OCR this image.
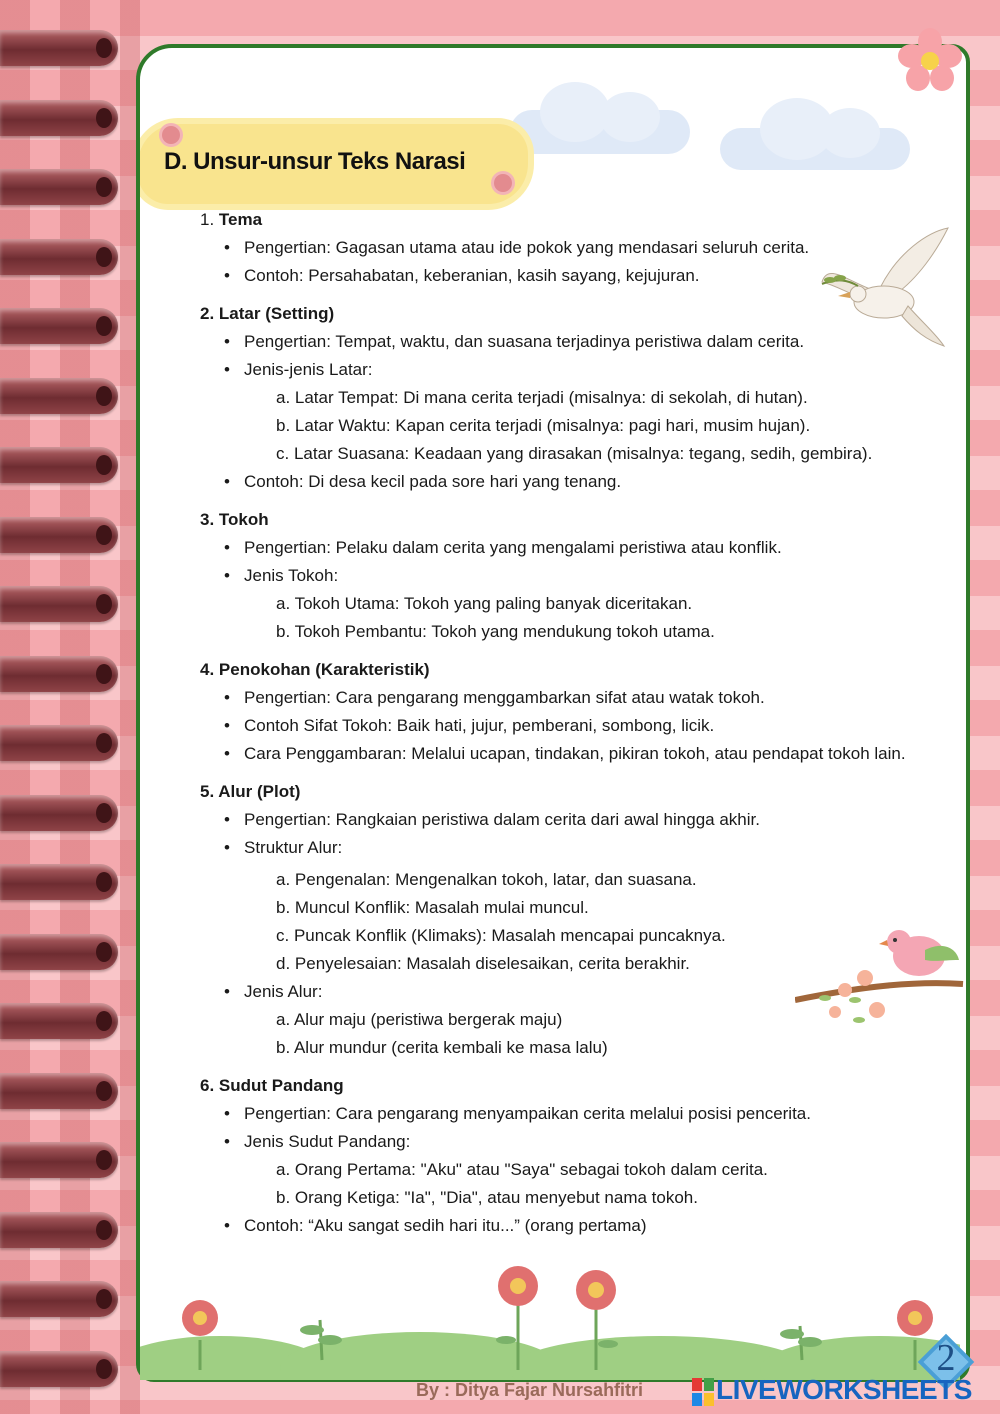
D. Unsur-unsur Teks Narasi
1. Tema
• Pengertian: Gagasan utama atau ide pokok yang mendasari seluruh cerita.
• Contoh: Persahabatan, keberanian, kasih sayang, kejujuran.
2. Latar (Setting)
• Pengertian: Tempat, waktu, dan suasana terjadinya peristiwa dalam cerita.
• Jenis-jenis Latar:
a. Latar Tempat: Di mana cerita terjadi (misalnya: di sekolah, di hutan).
b. Latar Waktu: Kapan cerita terjadi (misalnya: pagi hari, musim hujan).
c. Latar Suasana: Keadaan yang dirasakan (misalnya: tegang, sedih, gembira).
• Contoh: Di desa kecil pada sore hari yang tenang.
3. Tokoh
• Pengertian: Pelaku dalam cerita yang mengalami peristiwa atau konflik.
• Jenis Tokoh:
a. Tokoh Utama: Tokoh yang paling banyak diceritakan.
b. Tokoh Pembantu: Tokoh yang mendukung tokoh utama.
4. Penokohan (Karakteristik)
• Pengertian: Cara pengarang menggambarkan sifat atau watak tokoh.
• Contoh Sifat Tokoh: Baik hati, jujur, pemberani, sombong, licik.
• Cara Penggambaran: Melalui ucapan, tindakan, pikiran tokoh, atau pendapat tokoh lain.
5. Alur (Plot)
• Pengertian: Rangkaian peristiwa dalam cerita dari awal hingga akhir.
• Struktur Alur:
a. Pengenalan: Mengenalkan tokoh, latar, dan suasana.
b. Muncul Konflik: Masalah mulai muncul.
c. Puncak Konflik (Klimaks): Masalah mencapai puncaknya.
d. Penyelesaian: Masalah diselesaikan, cerita berakhir.
• Jenis Alur:
a. Alur maju (peristiwa bergerak maju)
b. Alur mundur (cerita kembali ke masa lalu)
6. Sudut Pandang
• Pengertian: Cara pengarang menyampaikan cerita melalui posisi pencerita.
• Jenis Sudut Pandang:
a. Orang Pertama: "Aku" atau "Saya" sebagai tokoh dalam cerita.
b. Orang Ketiga: "Ia", "Dia", atau menyebut nama tokoh.
• Contoh: “Aku sangat sedih hari itu...” (orang pertama)
2
By : Ditya Fajar Nursahfitri	LIVEWORKSHEETS
